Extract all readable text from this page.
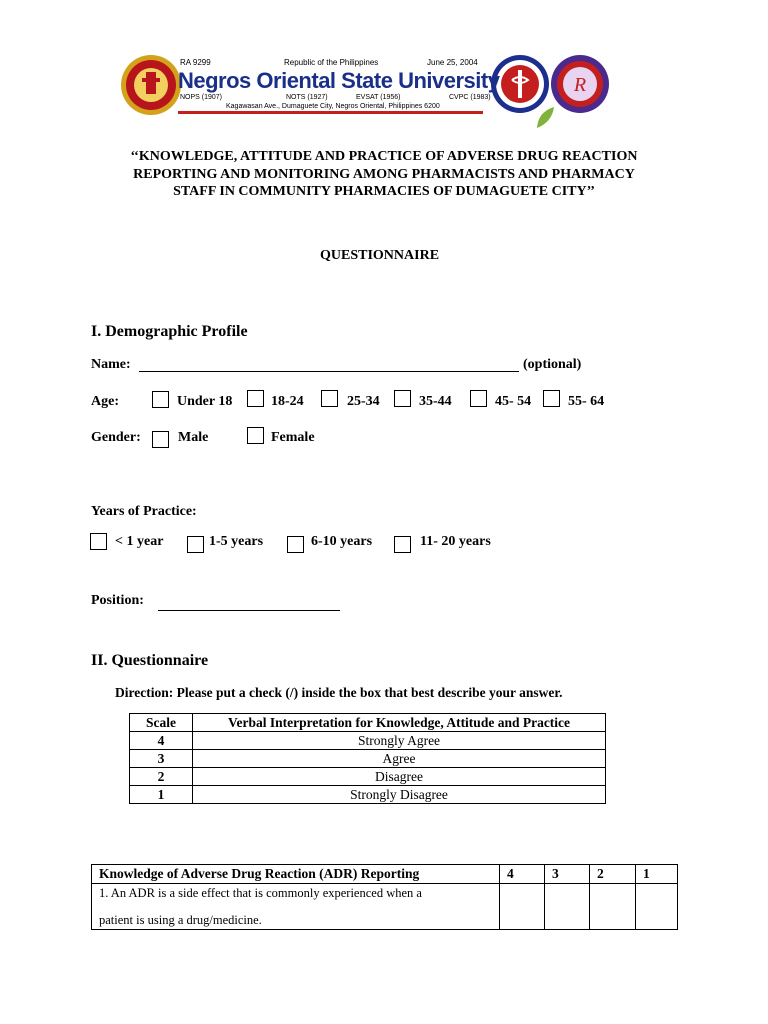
R
RA 9299	Republic of the Philippines	June 25, 2004
Negros Oriental State University
NOPS (1907)	NOTS (1927)	EVSAT (1956)	CVPC (1983)
Kagawasan Ave., Dumaguete City, Negros Oriental, Philippines 6200
‘‘KNOWLEDGE, ATTITUDE AND PRACTICE OF ADVERSE DRUG REACTION
REPORTING AND MONITORING AMONG PHARMACISTS AND PHARMACY
STAFF IN COMMUNITY PHARMACIES OF DUMAGUETE CITY’’
QUESTIONNAIRE
I. Demographic Profile
Name:	(optional)
Age:	Under 18	18-24	25-34	35-44	45- 54	55- 64
Gender:	Male	Female
Years of Practice:
< 1 year	1-5 years	6-10 years	11- 20 years
Position:
II. Questionnaire
Direction: Please put a check (/) inside the box that best describe your answer.
Scale	Verbal Interpretation for Knowledge, Attitude and Practice
4	Strongly Agree
3	Agree
2	Disagree
1	Strongly Disagree
Knowledge of Adverse Drug Reaction (ADR) Reporting	4	3	2	1

1. An ADR is a side effect that is commonly experienced when a
patient is using a drug/medicine.				
